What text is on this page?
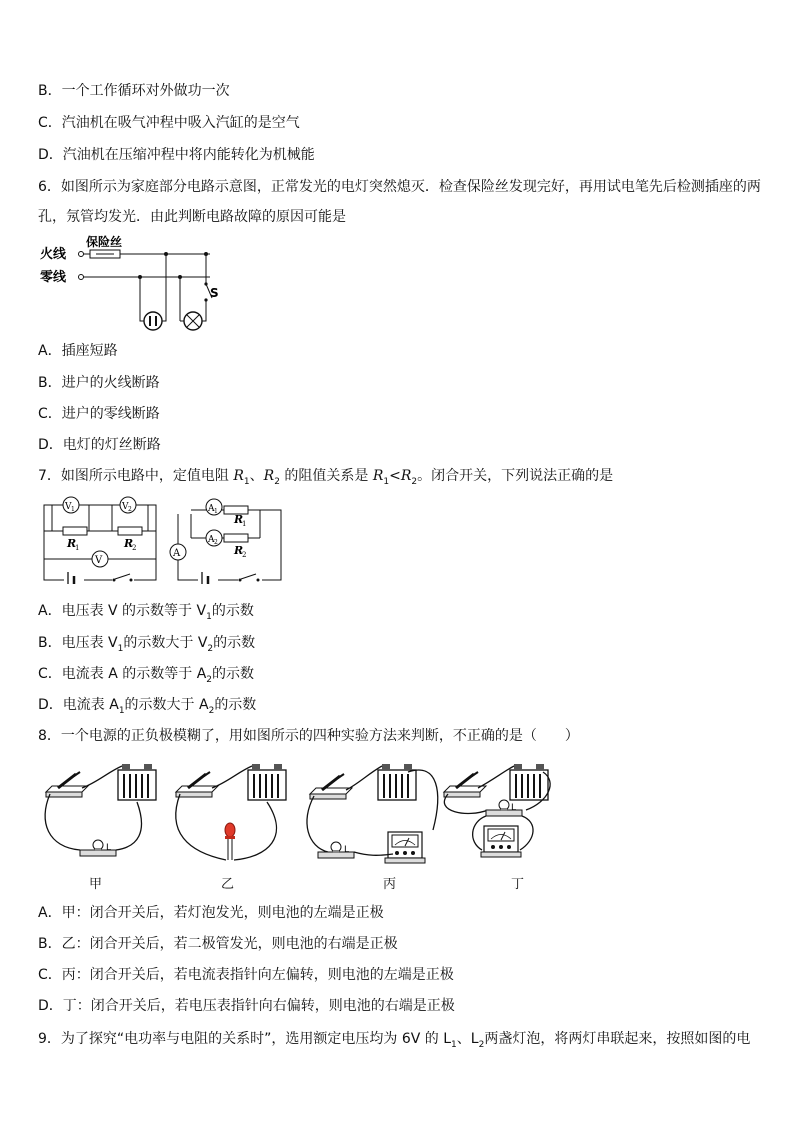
B．一个工作循环对外做功一次
C．汽油机在吸气冲程中吸入汽缸的是空气
D．汽油机在压缩冲程中将内能转化为机械能
6．如图所示为家庭部分电路示意图，正常发光的电灯突然熄灭．检查保险丝发现完好，再用试电笔先后检测插座的两
孔，氖管均发光．由此判断电路故障的原因可能是
火线
零线
保险丝
S
A．插座短路
B．进户的火线断路
C．进户的零线断路
D．电灯的灯丝断路
7．如图所示电路中，定值电阻 $R_1$、$R_2$ 的阻值关系是 $R_1<R_2$。闭合开关，下列说法正确的是
V 1	V 2
R
1	R
2
V
A 1
A 2
R
1
R
2
A
A．电压表 V 的示数等于 $V_1$的示数
B．电压表 $V_1$的示数大于 $V_2$的示数
C．电流表 A 的示数等于 $A_2$的示数
D．电流表 $A_1$的示数大于 $A_2$的示数
8．一个电源的正负极模糊了，用如图所示的四种实验方法来判断，不正确的是（　　）
L	L
L
甲	乙	丙	丁
A．甲：闭合开关后，若灯泡发光，则电池的左端是正极
B．乙：闭合开关后，若二极管发光，则电池的右端是正极
C．丙：闭合开关后，若电流表指针向左偏转，则电池的左端是正极
D．丁：闭合开关后，若电压表指针向右偏转，则电池的右端是正极
9．为了探究“电功率与电阻的关系时”，选用额定电压均为 6V 的 $L_1$、$L_2$两盏灯泡，将两灯串联起来，按照如图的电
